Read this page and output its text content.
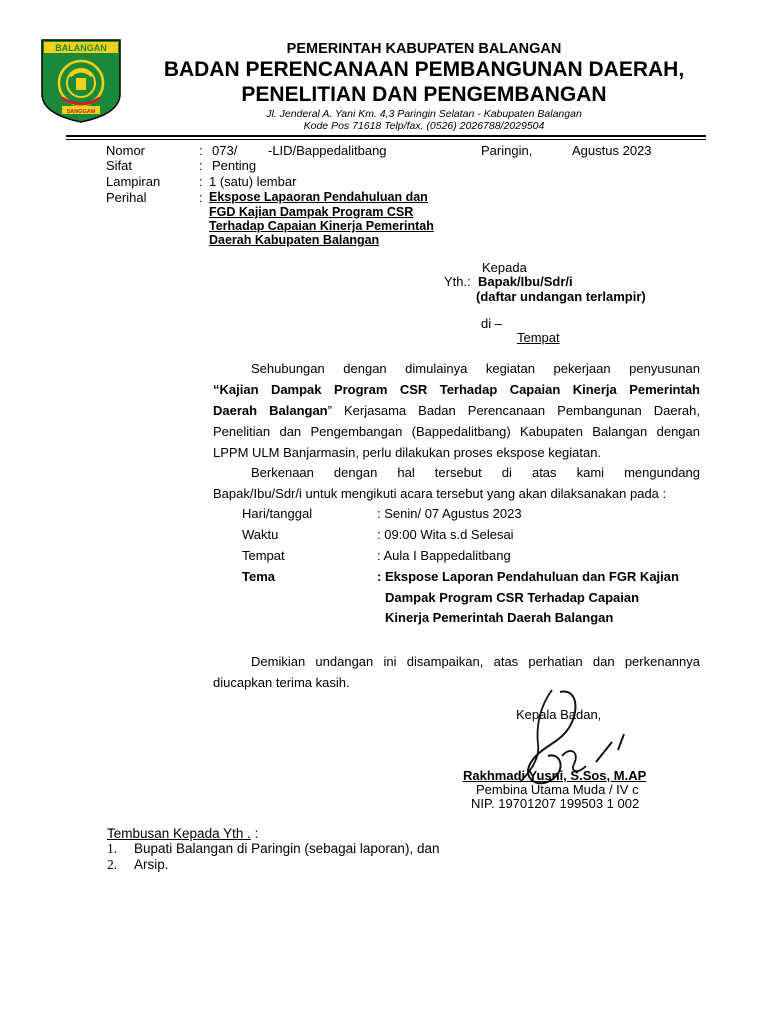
BALANGAN
SANGGAM
PEMERINTAH KABUPATEN BALANGAN
BADAN PERENCANAAN PEMBANGUNAN DAERAH,
PENELITIAN DAN PENGEMBANGAN
Jl. Jenderal A. Yani Km. 4,3 Paringin Selatan - Kabupaten Balangan
Kode Pos 71618 Telp/fax. (0526) 2026788/2029504
Nomor	: 073/ -LID/Bappedalitbang	Paringin,	Agustus 2023
Sifat	: Penting
Lampiran	: 1 (satu) lembar
Perihal	: Ekspose Lapaoran Pendahuluan dan
FGD Kajian Dampak Program CSR
Terhadap Capaian Kinerja Pemerintah
Daerah Kabupaten Balangan
Kepada
Yth.: Bapak/Ibu/Sdr/i
(daftar undangan terlampir)
di –
Tempat
Sehubungan dengan dimulainya kegiatan pekerjaan penyusunan
“Kajian Dampak Program CSR Terhadap Capaian Kinerja Pemerintah
Daerah Balangan” Kerjasama Badan Perencanaan Pembangunan Daerah,
Penelitian dan Pengembangan (Bappedalitbang) Kabupaten Balangan dengan
LPPM ULM Banjarmasin, perlu dilakukan proses ekspose kegiatan.
Berkenaan dengan hal tersebut di atas kami mengundang
Bapak/Ibu/Sdr/i untuk mengikuti acara tersebut yang akan dilaksanakan pada :
Hari/tanggal	: Senin/ 07 Agustus 2023
Waktu	: 09:00 Wita s.d Selesai
Tempat	: Aula I Bappedalitbang
Tema	: Ekspose Laporan Pendahuluan dan FGR Kajian
Dampak Program CSR Terhadap Capaian
Kinerja Pemerintah Daerah Balangan
Demikian undangan ini disampaikan, atas perhatian dan perkenannya
diucapkan terima kasih.
Kepala Badan,
Rakhmadi Yusni, S.Sos, M.AP
Pembina Utama Muda / IV c
NIP. 19701207 199503 1 002
Tembusan Kepada Yth . :
1. Bupati Balangan di Paringin (sebagai laporan), dan
2. Arsip.
